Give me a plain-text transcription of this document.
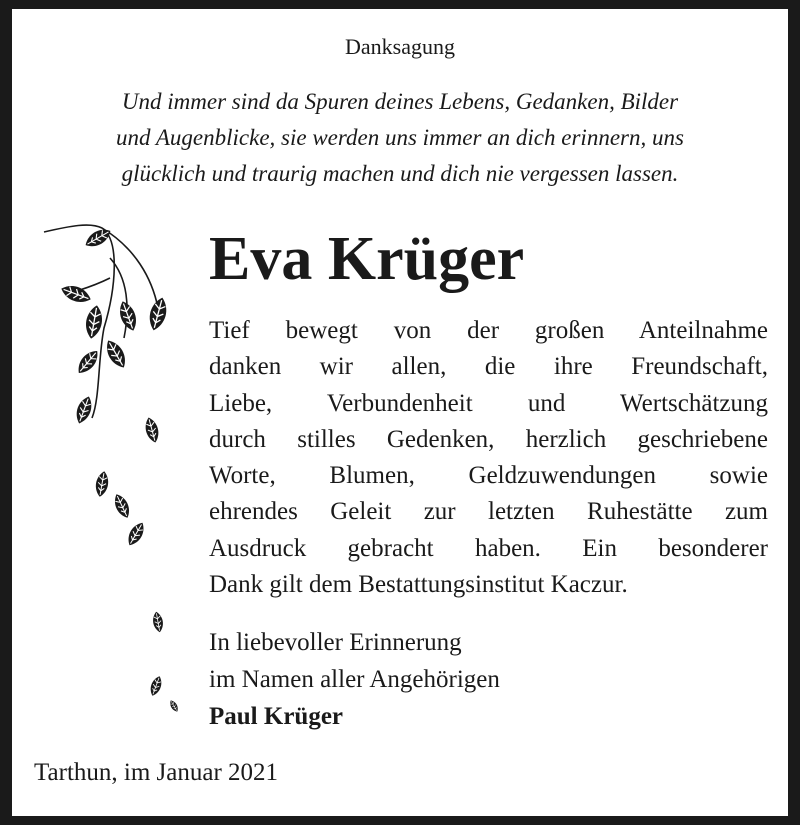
Danksagung
Und immer sind da Spuren deines Lebens, Gedanken, Bilder
und Augenblicke, sie werden uns immer an dich erinnern, uns
glücklich und traurig machen und dich nie vergessen lassen.
Eva Krüger
Tief bewegt von der großen Anteilnahme
danken wir allen, die ihre Freundschaft,
Liebe, Verbundenheit und Wertschätzung
durch stilles Gedenken, herzlich geschriebene
Worte, Blumen, Geldzuwendungen sowie
ehrendes Geleit zur letzten Ruhestätte zum
Ausdruck gebracht haben. Ein besonderer
Dank gilt dem Bestattungsinstitut Kaczur.
In liebevoller Erinnerung
im Namen aller Angehörigen
Paul Krüger
Tarthun, im Januar 2021
